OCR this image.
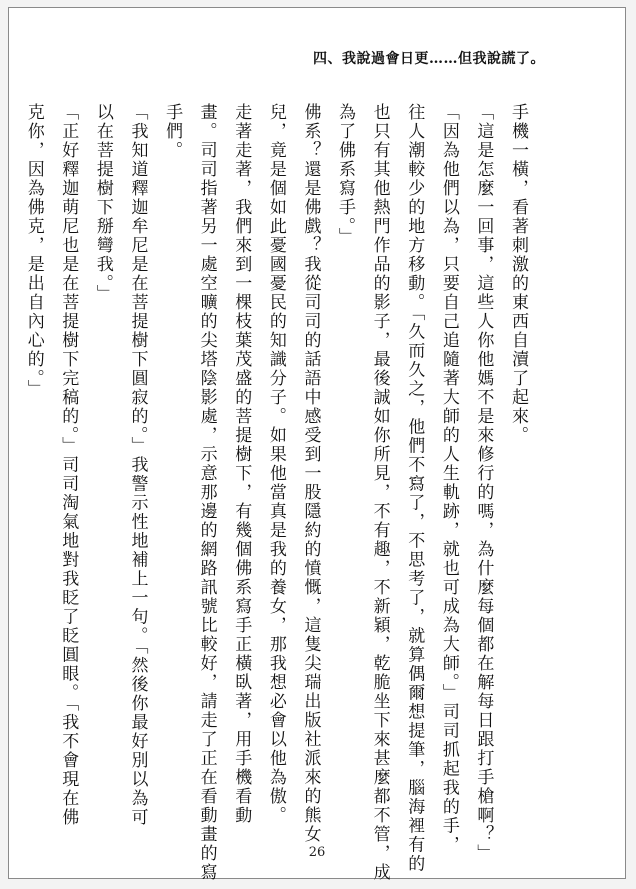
四、我說過會日更……但我說謊了。
手機一橫，看著刺激的東西自瀆了起來。
「這是怎麼一回事，這些人你他媽不是來修行的嗎，為什麼每個都在解每日跟打手槍啊？」
「因為他們以為，只要自己追隨著大師的人生軌跡，就也可成為大師。」司司抓起我的手，
往人潮較少的地方移動。「久而久之，他們不寫了，不思考了，就算偶爾想提筆，腦海裡有的
也只有其他熱門作品的影子，最後誠如你所見，不有趣，不新穎，乾脆坐下來甚麼都不管，成
為了佛系寫手。」
佛系？還是佛戲？我從司司的話語中感受到一股隱約的憤慨，這隻尖瑞出版社派來的熊女
兒，竟是個如此憂國憂民的知識分子。如果他當真是我的養女，那我想必會以他為傲。
走著走著，我們來到一棵枝葉茂盛的菩提樹下，有幾個佛系寫手正橫臥著，用手機看動
畫。司司指著另一處空曠的尖塔陰影處，示意那邊的網路訊號比較好，請走了正在看動畫的寫
手們。
「我知道釋迦牟尼是在菩提樹下圓寂的。」我警示性地補上一句。「然後你最好別以為可
以在菩提樹下掰彎我。」
「正好釋迦萌尼也是在菩提樹下完稿的。」司司淘氣地對我眨了眨圓眼。「我不會現在佛
克你，因為佛克，是出自內心的。」
26
